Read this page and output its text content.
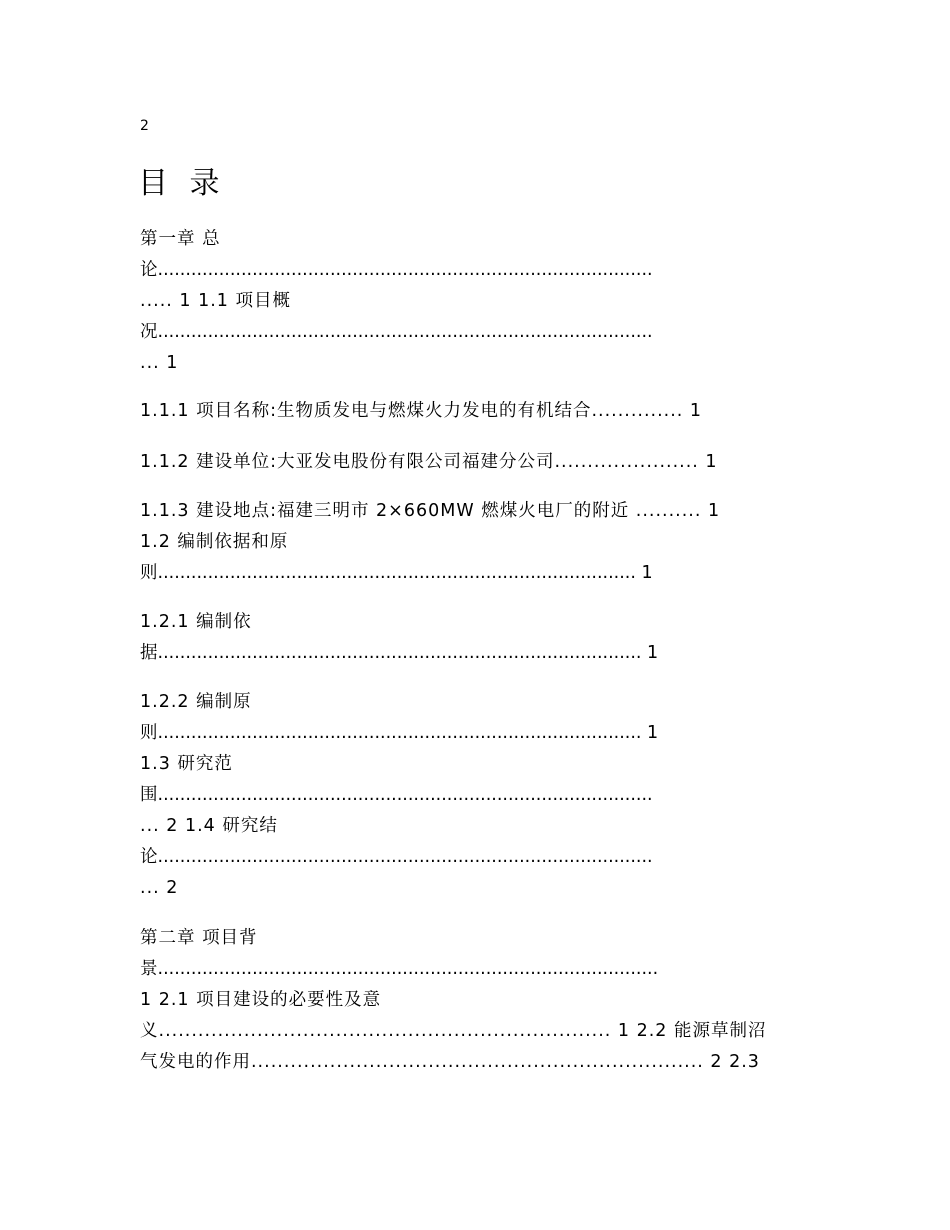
2
目 录
第一章 总
论.........................................................................................
..... 1 1.1 项目概
况.........................................................................................
... 1
1.1.1 项目名称:生物质发电与燃煤火力发电的有机结合.............. 1
1.1.2 建设单位:大亚发电股份有限公司福建分公司...................... 1
1.1.3 建设地点:福建三明市 2×660MW 燃煤火电厂的附近 .......... 1
1.2 编制依据和原
则...................................................................................... 1
1.2.1 编制依
据....................................................................................... 1
1.2.2 编制原
则....................................................................................... 1
1.3 研究范
围.........................................................................................
... 2 1.4 研究结
论.........................................................................................
... 2
第二章 项目背
景..........................................................................................
1 2.1 项目建设的必要性及意
义..................................................................... 1 2.2 能源草制沼
气发电的作用..................................................................... 2 2.3
